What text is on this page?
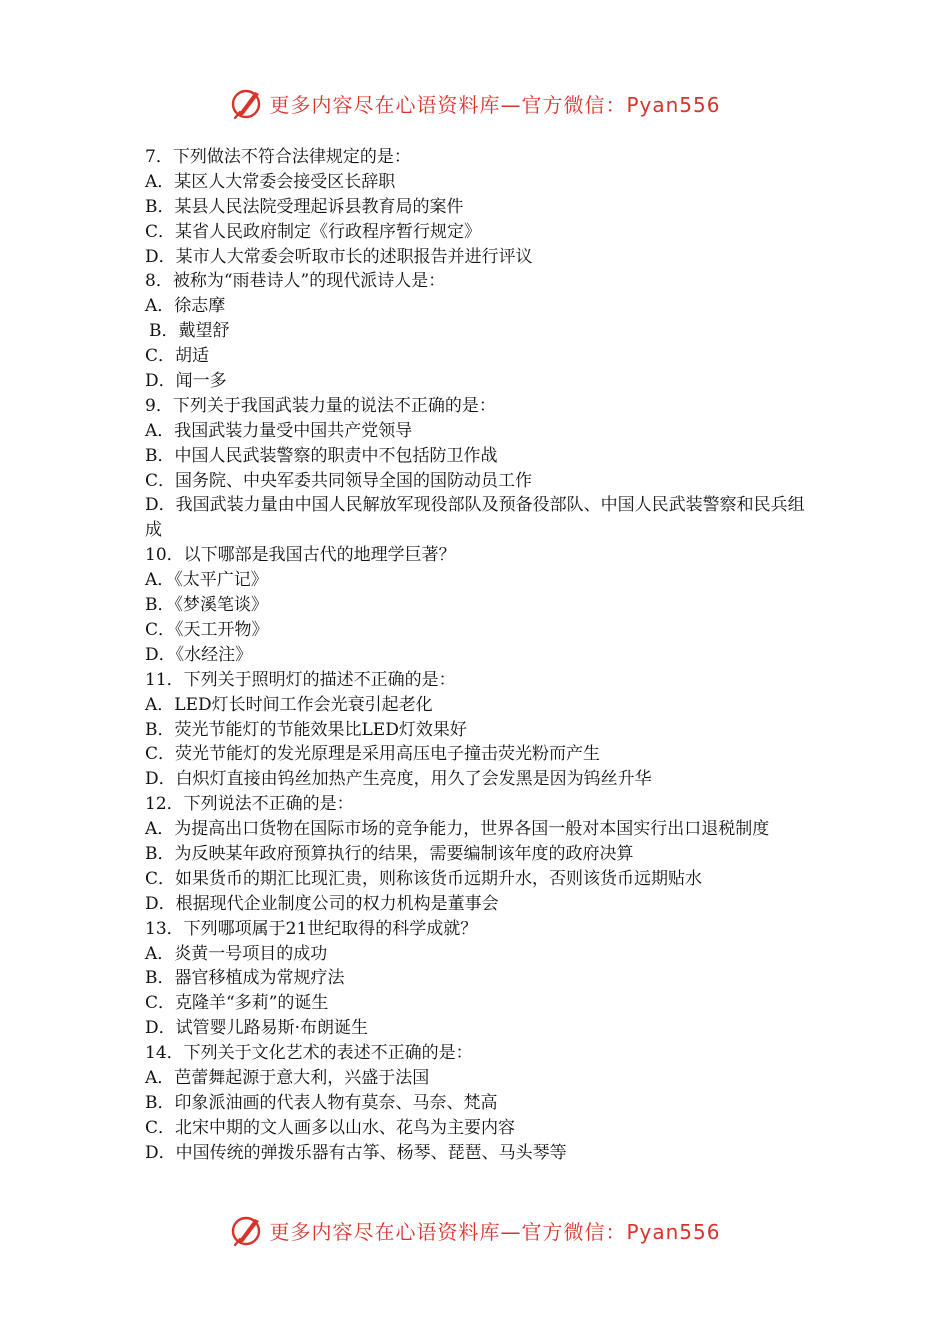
更多内容尽在心语资料库—官方微信：Pyan556
7．下列做法不符合法律规定的是：
A．某区人大常委会接受区长辞职
B．某县人民法院受理起诉县教育局的案件
C．某省人民政府制定《行政程序暂行规定》
D．某市人大常委会听取市长的述职报告并进行评议
8．被称为“雨巷诗人”的现代派诗人是：
A．徐志摩
B．戴望舒
C．胡适
D．闻一多
9．下列关于我国武装力量的说法不正确的是：
A．我国武装力量受中国共产党领导
B．中国人民武装警察的职责中不包括防卫作战
C．国务院、中央军委共同领导全国的国防动员工作
D．我国武装力量由中国人民解放军现役部队及预备役部队、中国人民武装警察和民兵组成
10．以下哪部是我国古代的地理学巨著？
A．《太平广记》
B．《梦溪笔谈》
C．《天工开物》
D．《水经注》
11．下列关于照明灯的描述不正确的是：
A．LED灯长时间工作会光衰引起老化
B．荧光节能灯的节能效果比LED灯效果好
C．荧光节能灯的发光原理是采用高压电子撞击荧光粉而产生
D．白炽灯直接由钨丝加热产生亮度，用久了会发黑是因为钨丝升华
12．下列说法不正确的是：
A．为提高出口货物在国际市场的竞争能力，世界各国一般对本国实行出口退税制度
B．为反映某年政府预算执行的结果，需要编制该年度的政府决算
C．如果货币的期汇比现汇贵，则称该货币远期升水，否则该货币远期贴水
D．根据现代企业制度公司的权力机构是董事会
13．下列哪项属于21世纪取得的科学成就？
A．炎黄一号项目的成功
B．器官移植成为常规疗法
C．克隆羊“多莉”的诞生
D．试管婴儿路易斯·布朗诞生
14．下列关于文化艺术的表述不正确的是：
A．芭蕾舞起源于意大利，兴盛于法国
B．印象派油画的代表人物有莫奈、马奈、梵高
C．北宋中期的文人画多以山水、花鸟为主要内容
D．中国传统的弹拨乐器有古筝、杨琴、琵琶、马头琴等
更多内容尽在心语资料库—官方微信：Pyan556
